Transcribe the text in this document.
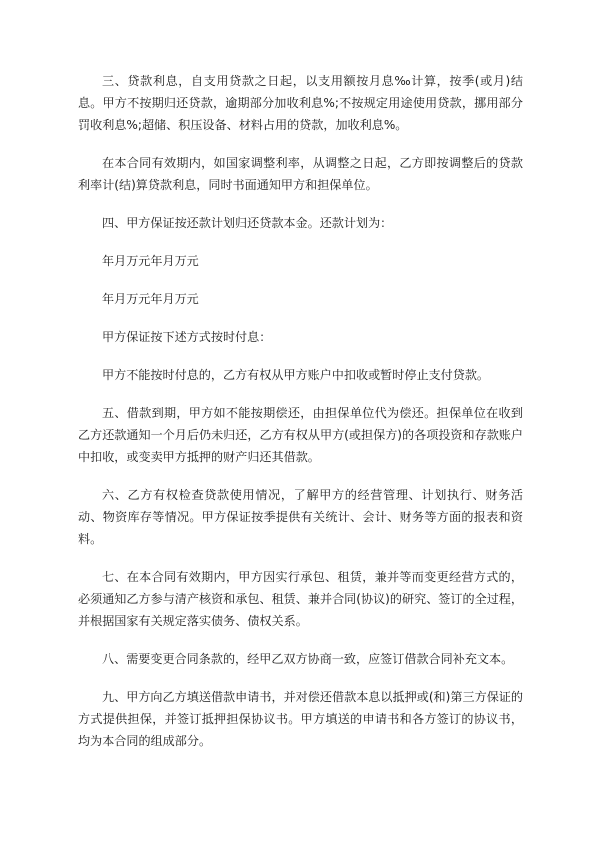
三、贷款利息，自支用贷款之日起，以支用额按月息‰计算，按季(或月)结息。甲方不按期归还贷款，逾期部分加收利息%;不按规定用途使用贷款，挪用部分罚收利息%;超储、积压设备、材料占用的贷款，加收利息%。

在本合同有效期内，如国家调整利率，从调整之日起，乙方即按调整后的贷款利率计(结)算贷款利息，同时书面通知甲方和担保单位。

四、甲方保证按还款计划归还贷款本金。还款计划为：

年月万元年月万元

年月万元年月万元

甲方保证按下述方式按时付息：

甲方不能按时付息的，乙方有权从甲方账户中扣收或暂时停止支付贷款。

五、借款到期，甲方如不能按期偿还，由担保单位代为偿还。担保单位在收到乙方还款通知一个月后仍未归还，乙方有权从甲方(或担保方)的各项投资和存款账户中扣收，或变卖甲方抵押的财产归还其借款。

六、乙方有权检查贷款使用情况，了解甲方的经营管理、计划执行、财务活动、物资库存等情况。甲方保证按季提供有关统计、会计、财务等方面的报表和资料。

七、在本合同有效期内，甲方因实行承包、租赁，兼并等而变更经营方式的，必须通知乙方参与清产核资和承包、租赁、兼并合同(协议)的研究、签订的全过程，并根据国家有关规定落实债务、债权关系。

八、需要变更合同条款的，经甲乙双方协商一致，应签订借款合同补充文本。

九、甲方向乙方填送借款申请书，并对偿还借款本息以抵押或(和)第三方保证的方式提供担保，并签订抵押担保协议书。甲方填送的申请书和各方签订的协议书，均为本合同的组成部分。
